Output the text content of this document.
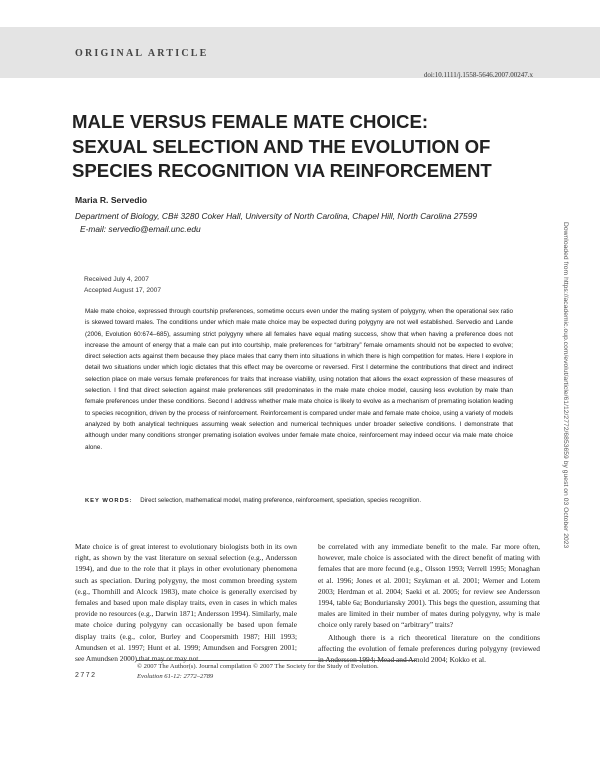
ORIGINAL ARTICLE
doi:10.1111/j.1558-5646.2007.00247.x
MALE VERSUS FEMALE MATE CHOICE:
SEXUAL SELECTION AND THE EVOLUTION OF
SPECIES RECOGNITION VIA REINFORCEMENT
Maria R. Servedio
Department of Biology, CB# 3280 Coker Hall, University of North Carolina, Chapel Hill, North Carolina 27599
E-mail: servedio@email.unc.edu
Received July 4, 2007
Accepted August 17, 2007

Male mate choice, expressed through courtship preferences, sometime occurs even under the mating system of polygyny, when the operational sex ratio is skewed toward males. The conditions under which male mate choice may be expected during polygyny are not well established. Servedio and Lande (2006, Evolution 60:674–685), assuming strict polygyny where all females have equal mating success, show that when having a preference does not increase the amount of energy that a male can put into courtship, male preferences for “arbitrary” female ornaments should not be expected to evolve; direct selection acts against them because they place males that carry them into situations in which there is high competition for mates. Here I explore in detail two situations under which logic dictates that this effect may be overcome or reversed. First I determine the contributions that direct and indirect selection place on male versus female preferences for traits that increase viability, using notation that allows the exact expression of these measures of selection. I find that direct selection against male preferences still predominates in the male mate choice model, causing less evolution by male than female preferences under these conditions. Second I address whether male mate choice is likely to evolve as a mechanism of premating isolation leading to species recognition, driven by the process of reinforcement. Reinforcement is compared under male and female mate choice, using a variety of models analyzed by both analytical techniques assuming weak selection and numerical techniques under broader selective conditions. I demonstrate that although under many conditions stronger premating isolation evolves under female mate choice, reinforcement may indeed occur via male mate choice alone.

KEY WORDS: Direct selection, mathematical model, mating preference, reinforcement, speciation, species recognition.

Mate choice is of great interest to evolutionary biologists both in its own right, as shown by the vast literature on sexual selection (e.g., Andersson 1994), and due to the role that it plays in other evolutionary phenomena such as speciation. During polygyny, the most common breeding system (e.g., Thornhill and Alcock 1983), mate choice is generally exercised by females and based upon male display traits, even in cases in which males provide no resources (e.g., Darwin 1871; Andersson 1994). Similarly, male mate choice during polygyny can occasionally be based upon female display traits (e.g., color, Burley and Coopersmith 1987; Hill 1993; Amundsen et al. 1997; Hunt et al. 1999; Amundsen and Forsgren 2001; see Amundsen 2000) that may or may not

be correlated with any immediate benefit to the male. Far more often, however, male choice is associated with the direct benefit of mating with females that are more fecund (e.g., Olsson 1993; Verrell 1995; Monaghan et al. 1996; Jones et al. 2001; Szykman et al. 2001; Werner and Lotem 2003; Herdman et al. 2004; Saeki et al. 2005; for review see Andersson 1994, table 6a; Bonduriansky 2001). This begs the question, assuming that males are limited in their number of mates during polygyny, why is male choice only rarely based on “arbitrary” traits?

Although there is a rich theoretical literature on the conditions affecting the evolution of female preferences during polygyny (reviewed in Andersson 1994; Mead and Arnold 2004; Kokko et al.

© 2007 The Author(s). Journal compilation © 2007 The Society for the Study of Evolution.
Evolution 61-12: 2772–2789
2772
Downloaded from https://academic.oup.com/evolut/article/61/12/2772/6853659 by guest on 03 October 2023
